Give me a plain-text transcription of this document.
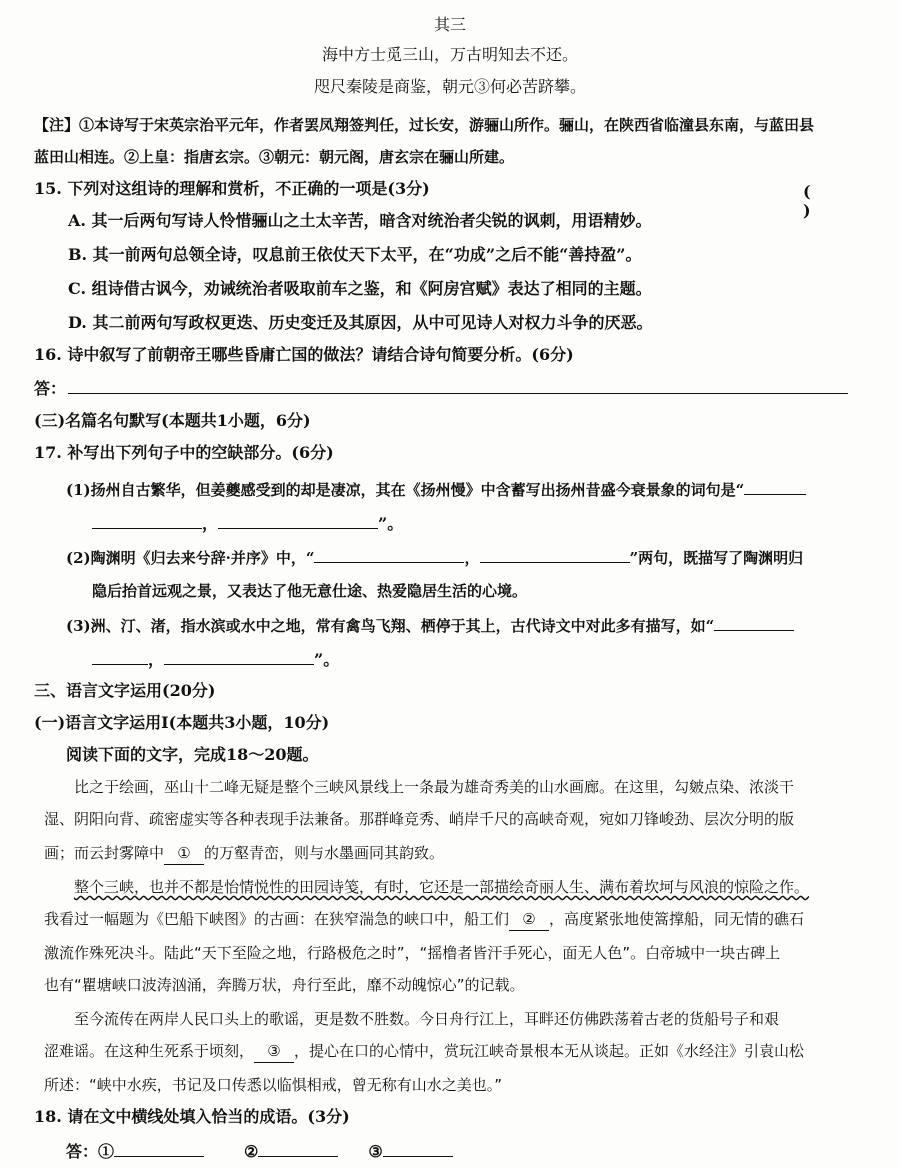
其三
海中方士觅三山，万古明知去不还。
咫尺秦陵是商鉴，朝元③何必苦跻攀。
【注】①本诗写于宋英宗治平元年，作者罢凤翔签判任，过长安，游骊山所作。骊山，在陕西省临潼县东南，与蓝田县
蓝田山相连。②上皇：指唐玄宗。③朝元：朝元阁，唐玄宗在骊山所建。
15. 下列对这组诗的理解和赏析，不正确的一项是(3分)	( )
A. 其一后两句写诗人怜惜骊山之土太辛苦，暗含对统治者尖锐的讽刺，用语精妙。
B. 其一前两句总领全诗，叹息前王依仗天下太平，在“功成”之后不能“善持盈”。
C. 组诗借古讽今，劝诫统治者吸取前车之鉴，和《阿房宫赋》表达了相同的主题。
D. 其二前两句写政权更迭、历史变迁及其原因，从中可见诗人对权力斗争的厌恶。
16. 诗中叙写了前朝帝王哪些昏庸亡国的做法？请结合诗句简要分析。(6分)
答：
(三)名篇名句默写(本题共1小题，6分)
17. 补写出下列句子中的空缺部分。(6分)
(1)扬州自古繁华，但姜夔感受到的却是凄凉，其在《扬州慢》中含蓄写出扬州昔盛今衰景象的词句是“
，	”。
(2)陶渊明《归去来兮辞·并序》中，“	，	”两句，既描写了陶渊明归
隐后抬首远观之景，又表达了他无意仕途、热爱隐居生活的心境。
(3)洲、汀、渚，指水滨或水中之地，常有禽鸟飞翔、栖停于其上，古代诗文中对此多有描写，如“
，	”。
三、语言文字运用(20分)
(一)语言文字运用Ⅰ(本题共3小题，10分)
阅读下面的文字，完成18～20题。
比之于绘画，巫山十二峰无疑是整个三峡风景线上一条最为雄奇秀美的山水画廊。在这里，勾皴点染、浓淡干
湿、阴阳向背、疏密虚实等各种表现手法兼备。那群峰竞秀、峭岸千尺的高峡奇观，宛如刀锋峻劲、层次分明的版
画；而云封雾障中 ① 的万壑青峦，则与水墨画同其韵致。
整个三峡，也并不都是怡情悦性的田园诗笺，有时，它还是一部描绘奇丽人生、满布着坎坷与风浪的惊险之作。
我看过一幅题为《巴船下峡图》的古画：在狭窄湍急的峡口中，船工们 ② ，高度紧张地使篙撑船，同无情的礁石
激流作殊死决斗。陆此“天下至险之地，行路极危之时”，“摇橹者皆汗手死心，面无人色”。白帝城中一块古碑上
也有“瞿塘峡口波涛汹涌，奔腾万状，舟行至此，靡不动魄惊心”的记载。
至今流传在两岸人民口头上的歌谣，更是数不胜数。今日舟行江上，耳畔还仿佛跌荡着古老的货船号子和艰
涩难谣。在这种生死系于顷刻， ③ ，提心在口的心情中，赏玩江峡奇景根本无从谈起。正如《水经注》引袁山松
所述：“峡中水疾，书记及口传悉以临惧相戒，曾无称有山水之美也。”
18. 请在文中横线处填入恰当的成语。(3分)
答：①	②	③
